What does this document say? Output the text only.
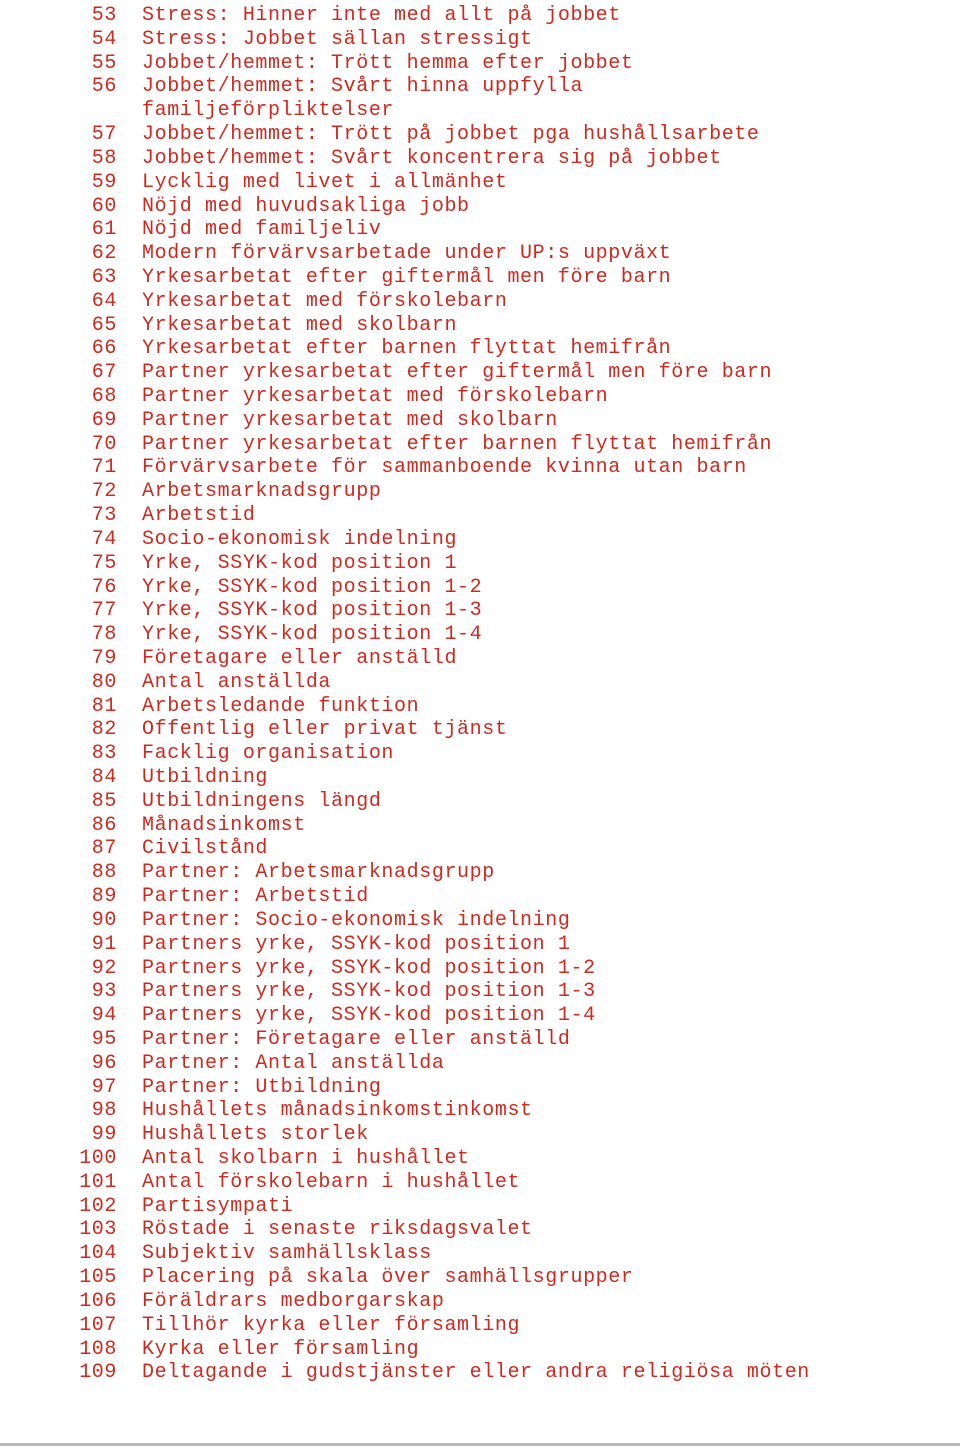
53 Stress: Hinner inte med allt på jobbet
54 Stress: Jobbet sällan stressigt
55 Jobbet/hemmet: Trött hemma efter jobbet
56 Jobbet/hemmet: Svårt hinna uppfylla
familjeförpliktelser
57 Jobbet/hemmet: Trött på jobbet pga hushållsarbete
58 Jobbet/hemmet: Svårt koncentrera sig på jobbet
59 Lycklig med livet i allmänhet
60 Nöjd med huvudsakliga jobb
61 Nöjd med familjeliv
62 Modern förvärvsarbetade under UP:s uppväxt
63 Yrkesarbetat efter giftermål men före barn
64 Yrkesarbetat med förskolebarn
65 Yrkesarbetat med skolbarn
66 Yrkesarbetat efter barnen flyttat hemifrån
67 Partner yrkesarbetat efter giftermål men före barn
68 Partner yrkesarbetat med förskolebarn
69 Partner yrkesarbetat med skolbarn
70 Partner yrkesarbetat efter barnen flyttat hemifrån
71 Förvärvsarbete för sammanboende kvinna utan barn
72 Arbetsmarknadsgrupp
73 Arbetstid
74 Socio-ekonomisk indelning
75 Yrke, SSYK-kod position 1
76 Yrke, SSYK-kod position 1-2
77 Yrke, SSYK-kod position 1-3
78 Yrke, SSYK-kod position 1-4
79 Företagare eller anställd
80 Antal anställda
81 Arbetsledande funktion
82 Offentlig eller privat tjänst
83 Facklig organisation
84 Utbildning
85 Utbildningens längd
86 Månadsinkomst
87 Civilstånd
88 Partner: Arbetsmarknadsgrupp
89 Partner: Arbetstid
90 Partner: Socio-ekonomisk indelning
91 Partners yrke, SSYK-kod position 1
92 Partners yrke, SSYK-kod position 1-2
93 Partners yrke, SSYK-kod position 1-3
94 Partners yrke, SSYK-kod position 1-4
95 Partner: Företagare eller anställd
96 Partner: Antal anställda
97 Partner: Utbildning
98 Hushållets månadsinkomstinkomst
99 Hushållets storlek
100 Antal skolbarn i hushållet
101 Antal förskolebarn i hushållet
102 Partisympati
103 Röstade i senaste riksdagsvalet
104 Subjektiv samhällsklass
105 Placering på skala över samhällsgrupper
106 Föräldrars medborgarskap
107 Tillhör kyrka eller församling
108 Kyrka eller församling
109 Deltagande i gudstjänster eller andra religiösa möten
